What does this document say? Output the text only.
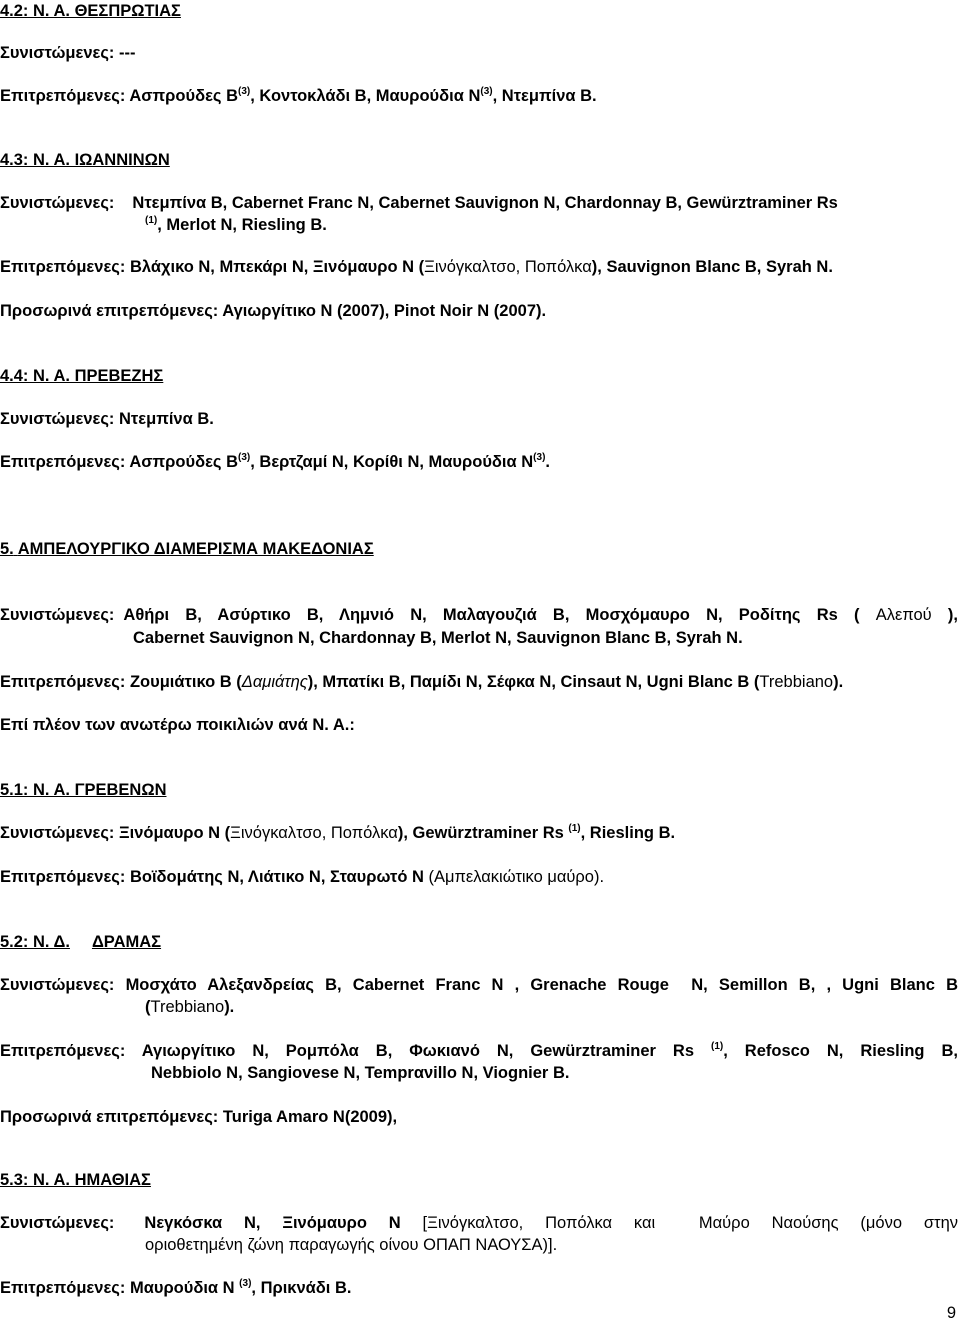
4.2: Ν. Α. ΘΕΣΠΡΩΤΙΑΣ
Συνιστώμενες: ---
Επιτρεπόμενες: Ασπρούδες $B^{(3)}$, Κοντοκλάδι Β, Μαυρούδια $N^{(3)}$, Ντεμπίνα Β.
4.3: Ν. Α. ΙΩΑΝΝΙΝΩΝ
Συνιστώμενες: Ντεμπίνα Β, Cabernet Franc Ν, Cabernet Sauvignon Ν, Chardonnay Β, Gewürztraminer Rs
$^{(1)}$, Merlot Ν, Riesling Β.
Επιτρεπόμενες: Βλάχικο Ν, Μπεκάρι Ν, Ξινόμαυρο Ν (Ξινόγκαλτσο, Ποπόλκα), Sauvignon Blanc Β, Syrah Ν.
Προσωρινά επιτρεπόμενες: Αγιωργίτικο Ν (2007), Pinot Noir Ν (2007).
4.4: Ν. Α. ΠΡΕΒΕΖΗΣ
Συνιστώμενες: Ντεμπίνα Β.
Επιτρεπόμενες: Ασπρούδες $B^{(3)}$, Βερτζαμί Ν, Κορίθι Ν, Μαυρούδια $N^{(3)}$.
5. ΑΜΠΕΛΟΥΡΓΙΚΟ ΔΙΑΜΕΡΙΣΜΑ ΜΑΚΕΔΟΝΙΑΣ
Συνιστώμενες: Αθήρι Β, Ασύρτικο Β, Λημνιό Ν, Μαλαγουζιά Β, Μοσχόμαυρο Ν, Ροδίτης Rs ( Αλεπού ),
Cabernet Sauvignon Ν, Chardonnay Β, Merlot Ν, Sauvignon Blanc Β, Syrah Ν.
Επιτρεπόμενες: Ζουμιάτικο Β (Δαμιάτης), Μπατίκι Β, Παμίδι Ν, Σέφκα Ν, Cinsaut Ν, Ugni Blanc Β (Trebbiano).
Επί πλέον των ανωτέρω ποικιλιών ανά Ν. Α.:
5.1: Ν. Α. ΓΡΕΒΕΝΩΝ
Συνιστώμενες: Ξινόμαυρο Ν (Ξινόγκαλτσο, Ποπόλκα), Gewürztraminer Rs $^{(1)}$, Riesling Β.
Επιτρεπόμενες: Βοϊδομάτης Ν, Λιάτικο Ν, Σταυρωτό Ν (Αμπελακιώτικο μαύρο).
5.2: Ν. Δ. ΔΡΑΜΑΣ
Συνιστώμενες: Μοσχάτο Αλεξανδρείας Β, Cabernet Franc Ν , Grenache Rouge  Ν, Semillon Β, , Ugni Blanc Β
(Trebbiano).
Επιτρεπόμενες: Αγιωργίτικο Ν, Ρομπόλα Β, Φωκιανό Ν, Gewürztraminer Rs $^{(1)}$, Refosco Ν, Riesling Β,
Nebbiolo Ν, Sangiovese Ν, Temprανillo Ν, Viognier Β.
Προσωρινά επιτρεπόμενες: Turiga Amaro Ν(2009),
5.3: Ν. Α. ΗΜΑΘΙΑΣ
Συνιστώμενες: Νεγκόσκα Ν, Ξινόμαυρο Ν [Ξινόγκαλτσο, Ποπόλκα και  Μαύρο Ναούσης (μόνο στην
οριοθετημένη ζώνη παραγωγής οίνου ΟΠΑΠ ΝΑΟΥΣΑ)].
Επιτρεπόμενες: Μαυρούδια Ν $^{(3)}$, Πρικνάδι Β.
9
